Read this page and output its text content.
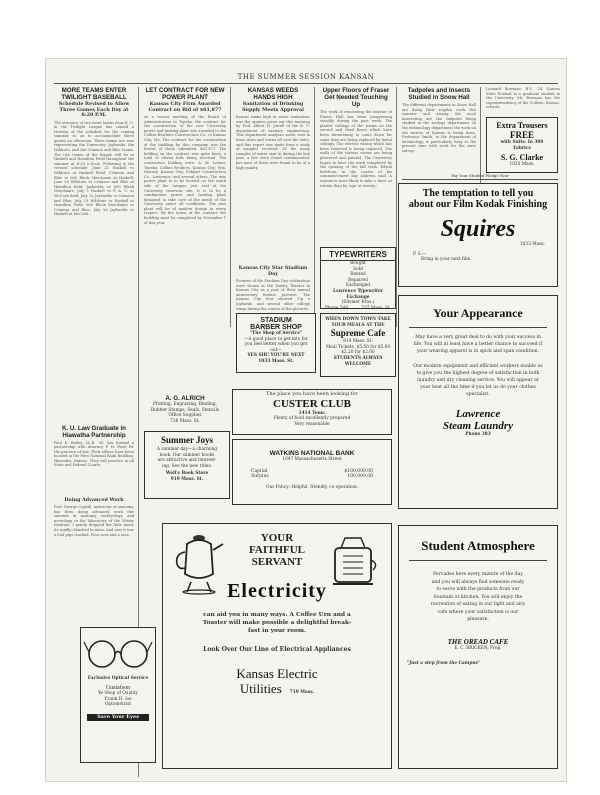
THE SUMMER SESSION KANSAN
MORE TEAMS ENTER TWILIGHT BASEBALL
Schedule Revised to Allow Three Games Each Day at 6:20 P.M.
The entrance of two more teams from K. U. in the Twilight League has caused a revision of the schedule for the coming summer so as to accommodate three games an afternoon. Three teams are now representing the University: Jayhawks, the Wildcats, and the Crimson and Blue teams. The two teams of the league will be at Haskell and Hamilton Field throughout the summer at 6:20 o'clock. Following is the revised schedule: June 21 Haskell vs Wildcats at Haskell Field; Crimson and Blue vs 600 Block Merchants at Haskell; June 28 Wildcats vs Crimson and Blue at Hamilton field; Jayhawks vs 600 Block Merchants; July 5 Haskell vs P. A. U. at McCosh field; July 12 Jayhawks vs Crimson and Blue; July 19 Wildcats vs Haskell at Hamilton Field; 600 Block Merchants vs Crimson and Blue; July 26 Jayhawks vs Haskell at McCosh.
K. U. Law Graduate in Hiawatha Partnership
Paul R. Bailey, LL.B. '30, has formed a partnership with Attorney F. H. Pearl for the practice of law. Their offices have been located in the First National Bank Building, Hiawatha, Kansas. They will practice in all State and Federal Courts.
Doing Advanced Work
Prof. George Coghill, instructor of anatomy, has been doing advanced work this summer in anatomy, embryology, and neurology in the laboratory of the Wistar Institute. I gently dropped the little hand; its rigidly clenched to mine, And now it was a bud pips cracked. Four aces and a nine.
Exclusive Optical Service
Gustafson
Ye Shop of Quality
Frank H. Ise
Optometrist
Save Your Eyes
LET CONTRACT FOR NEW POWER PLANT
Kansas City Firm Awarded Contract on Bid of $61,877
At a recent meeting of the Board of Administration in Topeka, the contract for the construction of the new University power and heating plant was awarded to the Collins Brothers Construction Co., of Kansas City, Mo. The contract for the construction of the building by this company was the lowest of those submitted, $61,877. The bidding on the contract was quite keen, a total of eleven bids being received. The contractors bidding were: A. M. Lerner, Topeka; Collins Brothers, Kansas City; Wm. Hanney, Kansas City; Eckhart Construction Co., Lawrence; and several others. The new power plant is to be located on the south side of the campus, just east of the University reservoir site. It is to be a combination power and heating plant designed to take care of the needs of the University under all conditions. The new plant will be of modern design in every respect. By the terms of the contract the building must be completed by November 1 of this year.
A. G. ALRICH
Printing, Engraving, Binding,
Rubber Stamps, Seals, Stencils
Office Supplies
736 Mass. St.
Summer Joys
A summer day—a charming
book. Our summer books
are attractive and interest-
ing. See the new titles.
Well's Book Store
919 Mass. St.
KANSAS WEEDS HANDS HIGH
Sanitation of Drinking Supply Meets Approval
Kansas ranks high in water sanitation, was the opinion given out this morning by Prof. Albert H. Jewell of the K. U. department of sanitary engineering. This department analyzes water sent in from cities and towns all over the state, and this report was made from a study of samples received. Of the many samples of water sent in during the last year, a few were found contaminated, but most of them were found to be of a high quality.
Kansas City Star Stadium Day
Pictures of the Stadium Day celebration were shown at the Varsity Theater in Kansas City as a part of their annual anniversary feature pictures. The Kansas City Star showed 'Up a Jayhawk', and several other college songs during the course of the pictures.
STADIUM
BARBER SHOP
"The Shop of Service"
—A good place to get into for
you feel better when you get
out—
YES SIR! YOU'RE NEXT
1033 Mass. St.
Upper Floors of Fraser Get Needed Touching Up
The work of renovating the interior of Fraser Hall has been progressing steadily during the past week. The plaster ceilings of the rooms on the second and third floors which have been threatening to come down for some time are being replaced by metal ceilings. The electric wiring which has been removed is being replaced. The walls of the various rooms are being plastered and painted. The University hopes to have the work completed by the opening of the fall term. Edwin Ketchem, in the course of his commencement day address, said 'A woman is more likely to take a 'dare' at twenty than by 'age' at twenty.'
TYPEWRITERS
Bought
Sold
Rented
Repaired
Exchanged
Lawrence Typewriter Exchange
(Ellsmer Bros.)
Phone 548	737 Mass. St.
WHEN DOWN TOWN TAKE
YOUR MEALS AT THE
Supreme Cafe
914 Mass. St.
Meal Tickets, $5.50 for $5.00
$2.20 for $2.00
STUDENTS ALWAYS
WELCOME
Tadpoles and Insects Studied in Snow Hall
The different departments in Snow Hall are doing their regular work this summer and among the most interesting are the tadpoles being studied in the zoology department. In the entomology department the work on the insects of Kansas is being done. Professor Smith, in the department of entomology, is particularly busy at the present time with work for the state survey.
Leonard Bowman, B.S. '24, Kansas State Normal, is a graduate student in the University. Mr. Bowman has the superintendency of the Colleen, Kansas, schools.
Extra Trousers
FREE
with Suits. In 300
Fabrics
S. G. Clarke
1033 Mass.
Pay Your Student Pledge Now
The temptation to tell you
about our Film Kodak Finishing
Squires
1033 Mass.
P. S.—
Bring in your next film.
Your Appearance
May have a very great deal to do with your success in life. You will at least have a better chance to succeed if your wearing apparel is in spick and span condition.
Our modern equipment and efficient workers enable us to give you the highest degree of satisfaction in both laundry and dry cleaning service. You will appear at your best all the time if you let us do your clothes specialist.
Lawrence
Steam Laundry
Phone 383
Student Atmosphere
Pervades here every minute of the day and you will always find someone ready to serve with the products from our fountain or kitchen. You will enjoy the recreation of eating in our light and airy cafe where your satisfaction is our pleasure.
THE OREAD CAFE
E. C. BRICKEN, Prop.
"Just a step from the Campus"
The place you have been looking for
CUSTER CLUB
1414 Tenn.
Plenty of food excellently prepared
Very reasonable
WATKINS NATIONAL BANK
1047 Massachusetts Street
Capital	$100,000.00
Surplus	100,000.00
Our Policy: Helpful, friendly, co-operation.
YOUR
FAITHFUL
SERVANT
Electricity
can aid you in many ways. A Coffee Urn and a
Toaster will make possible a delightful break-
fast in your room.
Look Over Our Line of Electrical Appliances
Kansas Electric
Utilities 719 Mass.
